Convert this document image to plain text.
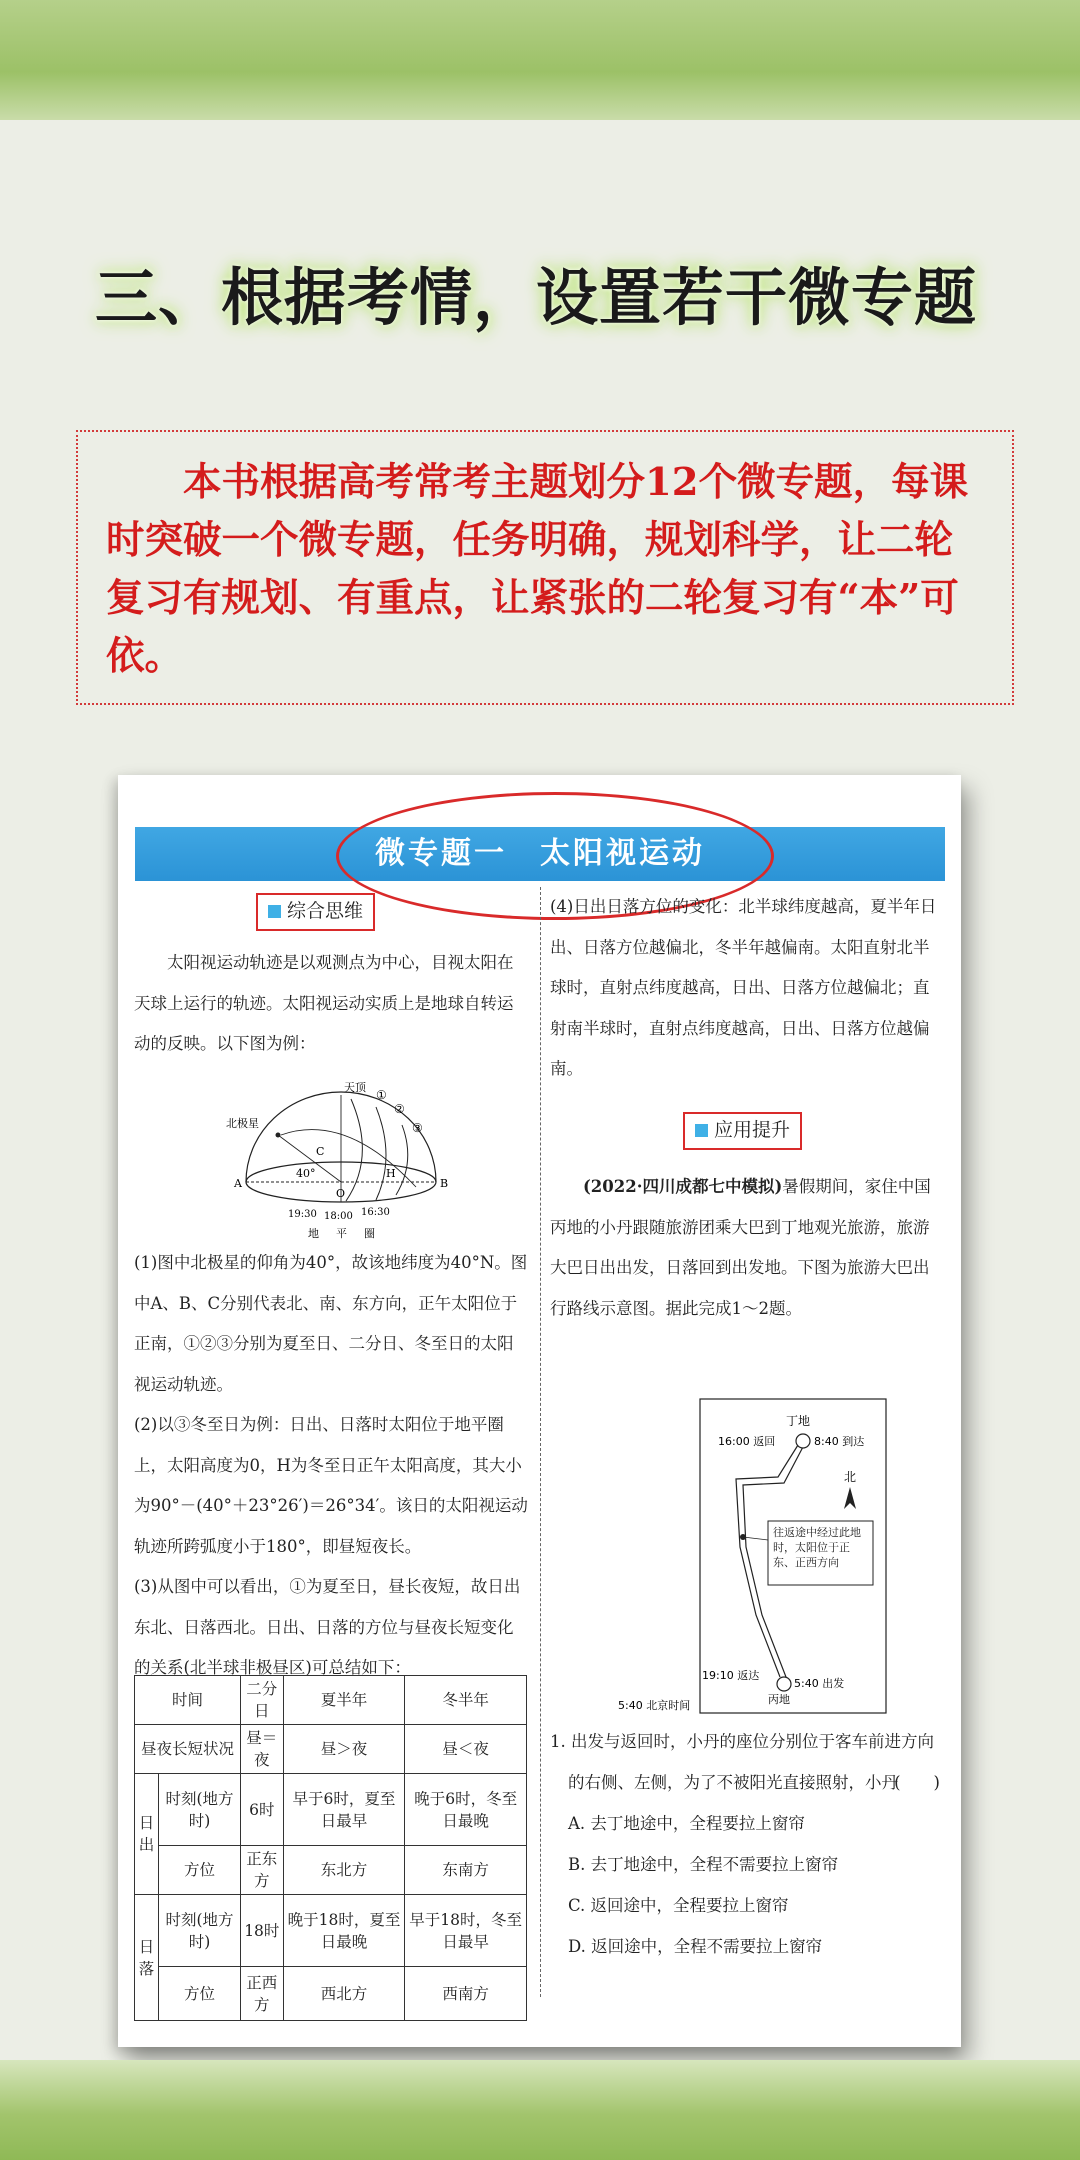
三、根据考情，设置若干微专题

本书根据高考常考主题划分12个微专题，每课时突破一个微专题，任务明确，规划科学，让二轮复习有规划、有重点，让紧张的二轮复习有“本”可依。

微专题一　太阳视运动
综合思维

太阳视运动轨迹是以观测点为中心，目视太阳在天球上运行的轨迹。太阳视运动实质上是地球自转运动的反映。以下图为例：

天顶
北极星
40°
地　平　圈
A	B
C
H
O
①
②
③
19:30 18:00 16:30

(1)图中北极星的仰角为40°，故该地纬度为40°N。图中A、B、C分别代表北、南、东方向，正午太阳位于正南，①②③分别为夏至日、二分日、冬至日的太阳视运动轨迹。

(2)以③冬至日为例：日出、日落时太阳位于地平圈上，太阳高度为0，H为冬至日正午太阳高度，其大小为90°－(40°＋23°26′)＝26°34′。该日的太阳视运动轨迹所跨弧度小于180°，即昼短夜长。

(3)从图中可以看出，①为夏至日，昼长夜短，故日出东北、日落西北。日出、日落的方位与昼夜长短变化的关系(北半球非极昼区)可总结如下：

时间		二分日	夏半年	冬半年
昼夜长短状况		昼＝夜	昼＞夜	昼＜夜
日出	时刻(地方时)	6时	早于6时，夏至日最早	晚于6时，冬至日最晚
	方位	正东方	东北方	东南方
日落	时刻(地方时)	18时	晚于18时，夏至日最晚	早于18时，冬至日最早
	方位	正西方	西北方	西南方

(4)日出日落方位的变化：北半球纬度越高，夏半年日出、日落方位越偏北，冬半年越偏南。太阳直射北半球时，直射点纬度越高，日出、日落方位越偏北；直射南半球时，直射点纬度越高，日出、日落方位越偏南。

应用提升

(2022·四川成都七中模拟)暑假期间，家住中国丙地的小丹跟随旅游团乘大巴到丁地观光旅游，旅游大巴日出出发，日落回到出发地。下图为旅游大巴出行路线示意图。据此完成1～2题。

丁地
16:00 返回	8:40 到达
北
往返途中经过此地时，太阳位于正东、正西方向
19:10 返达
5:40 出发
丙地
5:40 北京时间

1. 出发与返回时，小丹的座位分别位于客车前进方向的右侧、左侧，为了不被阳光直接照射，小丹
(　　)

A. 去丁地途中，全程要拉上窗帘

B. 去丁地途中，全程不需要拉上窗帘

C. 返回途中，全程要拉上窗帘

D. 返回途中，全程不需要拉上窗帘
